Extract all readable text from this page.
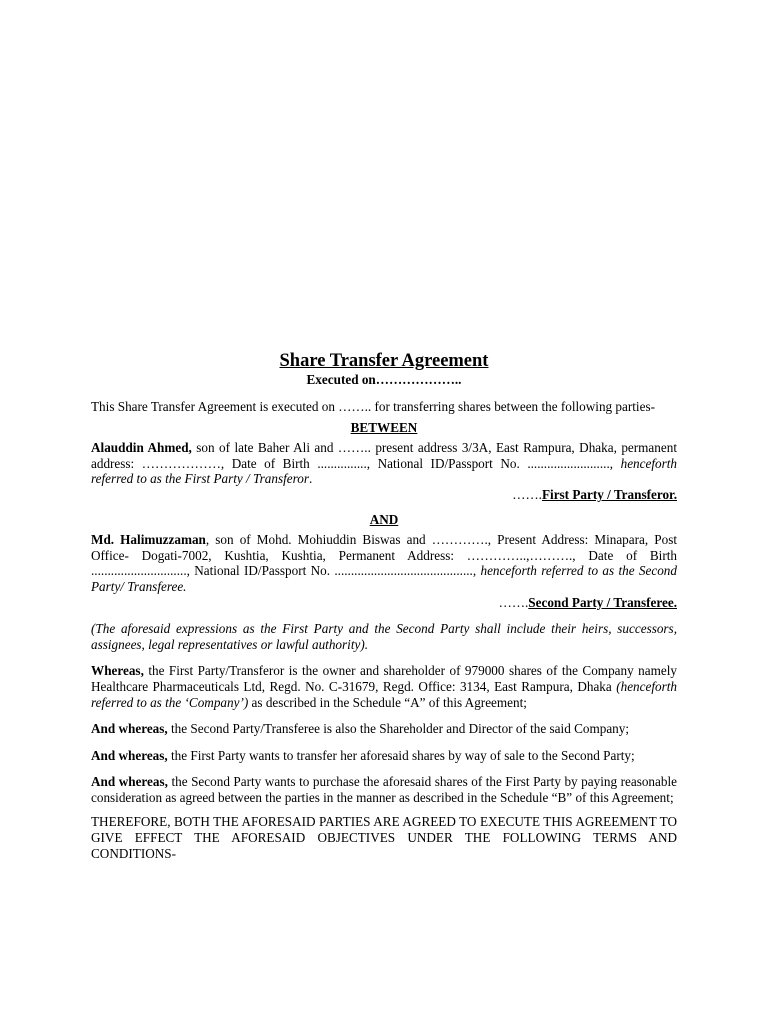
Share Transfer Agreement
Executed on………………..

This Share Transfer Agreement is executed on …….. for transferring shares between the following parties-

BETWEEN

Alauddin Ahmed, son of late Baher Ali and …….. present address 3/3A, East Rampura, Dhaka, permanent address: ………………, Date of Birth ..............., National ID/Passport No. ........................., henceforth referred to as the First Party / Transferor.

…….First Party / Transferor.
AND

Md. Halimuzzaman, son of Mohd. Mohiuddin Biswas and …………., Present Address: Minapara, Post Office- Dogati-7002, Kushtia, Kushtia, Permanent Address: …………..,………., Date of Birth ............................., National ID/Passport No. .........................................., henceforth referred to as the Second Party/ Transferee.

…….Second Party / Transferee.

(The aforesaid expressions as the First Party and the Second Party shall include their heirs, successors, assignees, legal representatives or lawful authority).

Whereas, the First Party/Transferor is the owner and shareholder of 979000 shares of the Company namely Healthcare Pharmaceuticals Ltd, Regd. No. C-31679, Regd. Office: 3134, East Rampura, Dhaka (henceforth referred to as the ‘Company’) as described in the Schedule “A” of this Agreement;

And whereas, the Second Party/Transferee is also the Shareholder and Director of the said Company;

And whereas, the First Party wants to transfer her aforesaid shares by way of sale to the Second Party;

And whereas, the Second Party wants to purchase the aforesaid shares of the First Party by paying reasonable consideration as agreed between the parties in the manner as described in the Schedule “B” of this Agreement;

THEREFORE, BOTH THE AFORESAID PARTIES ARE AGREED TO EXECUTE THIS AGREEMENT TO GIVE EFFECT THE AFORESAID OBJECTIVES UNDER THE FOLLOWING TERMS AND CONDITIONS-
